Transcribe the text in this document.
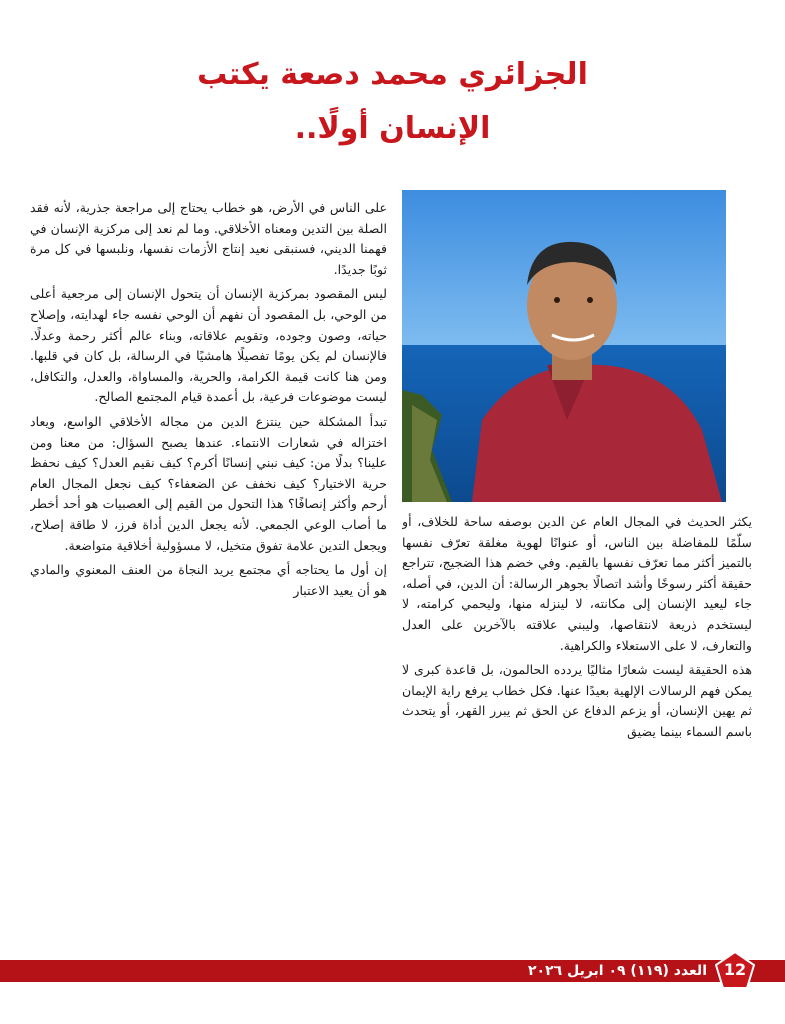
الجزائري محمد دصعة يكتب
الإنسان أولًا..

على الناس في الأرض، هو خطاب يحتاج إلى مراجعة جذرية، لأنه فقد الصلة بين التدين ومعناه الأخلاقي. وما لم نعد إلى مركزية الإنسان في فهمنا الديني، فسنبقى نعيد إنتاج الأزمات نفسها، ونلبسها في كل مرة ثوبًا جديدًا.

ليس المقصود بمركزية الإنسان أن يتحول الإنسان إلى مرجعية أعلى من الوحي، بل المقصود أن نفهم أن الوحي نفسه جاء لهدايته، وإصلاح حياته، وصون وجوده، وتقويم علاقاته، وبناء عالم أكثر رحمة وعدلًا. فالإنسان لم يكن يومًا تفصيلًا هامشيًا في الرسالة، بل كان في قلبها. ومن هنا كانت قيمة الكرامة، والحرية، والمساواة، والعدل، والتكافل، ليست موضوعات فرعية، بل أعمدة قيام المجتمع الصالح.

تبدأ المشكلة حين ينتزع الدين من مجاله الأخلاقي الواسع، ويعاد اختزاله في شعارات الانتماء. عندها يصبح السؤال: من معنا ومن علينا؟ بدلًا من: كيف نبني إنسانًا أكرم؟ كيف نقيم العدل؟ كيف نحفظ حرية الاختيار؟ كيف نخفف عن الضعفاء؟ كيف نجعل المجال العام أرحم وأكثر إنصافًا؟ هذا التحول من القيم إلى العصبيات هو أحد أخطر ما أصاب الوعي الجمعي. لأنه يجعل الدين أداة فرز، لا طاقة إصلاح، ويجعل التدين علامة تفوق متخيل، لا مسؤولية أخلاقية متواضعة.

إن أول ما يحتاجه أي مجتمع يريد النجاة من العنف المعنوي والمادي هو أن يعيد الاعتبار

يكثر الحديث في المجال العام عن الدين بوصفه ساحة للخلاف، أو سلّمًا للمفاضلة بين الناس، أو عنوانًا لهوية مغلقة تعرّف نفسها بالتميز أكثر مما تعرّف نفسها بالقيم. وفي خضم هذا الضجيج، تتراجع حقيقة أكثر رسوخًا وأشد اتصالًا بجوهر الرسالة: أن الدين، في أصله، جاء ليعيد الإنسان إلى مكانته، لا لينزله منها، وليحمي كرامته، لا ليستخدم ذريعة لانتقاصها، وليبني علاقته بالآخرين على العدل والتعارف، لا على الاستعلاء والكراهية.

هذه الحقيقة ليست شعارًا مثاليًا يردده الحالمون، بل قاعدة كبرى لا يمكن فهم الرسالات الإلهية بعيدًا عنها. فكل خطاب يرفع راية الإيمان ثم يهين الإنسان، أو يزعم الدفاع عن الحق ثم يبرر القهر، أو يتحدث باسم السماء بينما يضيق

العدد (١١٩) ٠٩ ابريل ٢٠٢٦	12
